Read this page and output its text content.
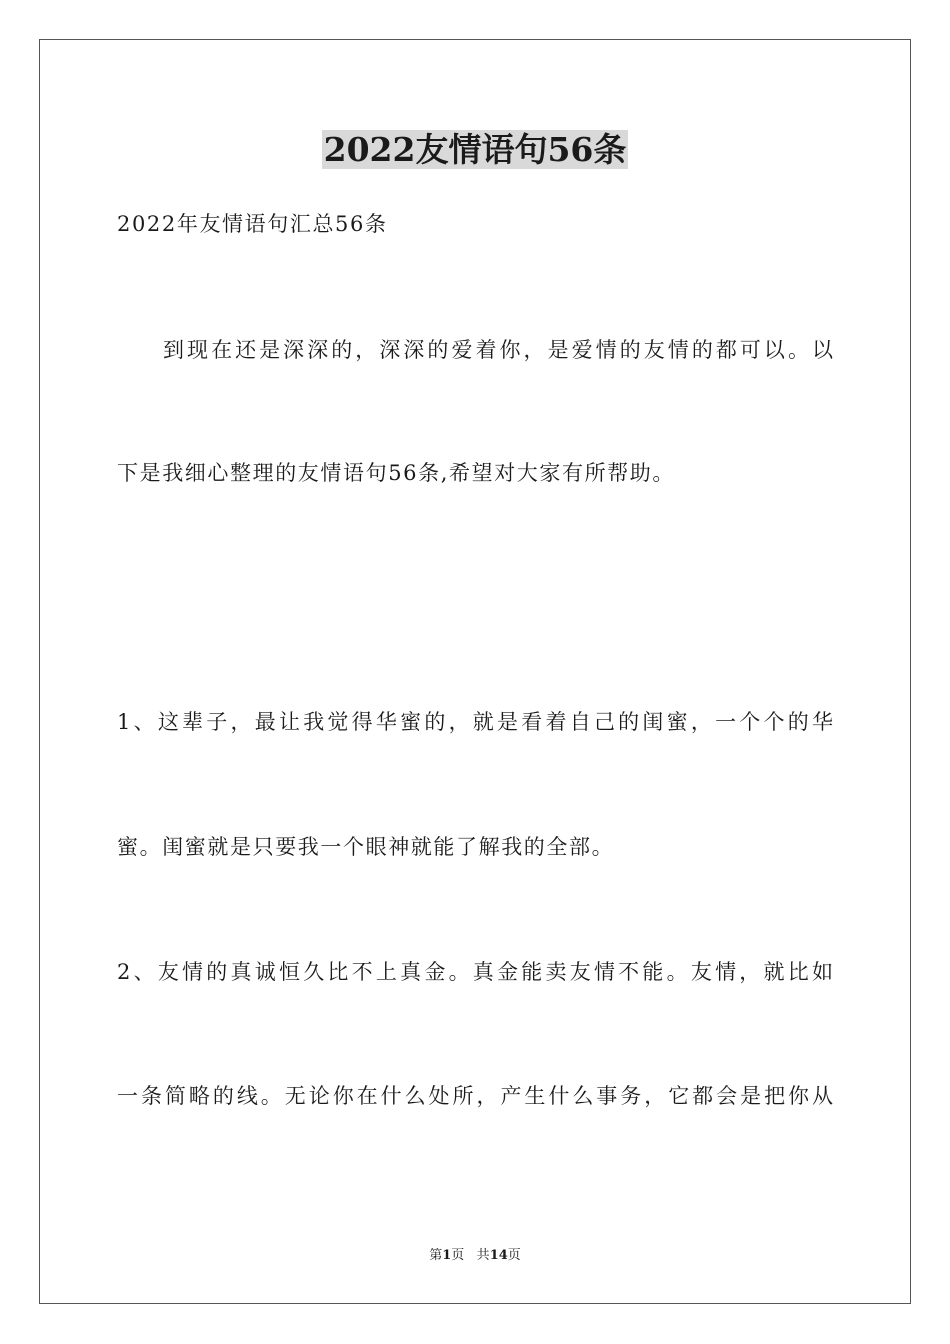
2022友情语句56条
2022年友情语句汇总56条
到现在还是深深的，深深的爱着你，是爱情的友情的都可以。以
下是我细心整理的友情语句56条,希望对大家有所帮助。
1、这辈子，最让我觉得华蜜的，就是看着自己的闺蜜，一个个的华
蜜。闺蜜就是只要我一个眼神就能了解我的全部。
2、友情的真诚恒久比不上真金。真金能卖友情不能。友情，就比如
一条简略的线。无论你在什么处所，产生什么事务，它都会是把你从
第1页 共14页
